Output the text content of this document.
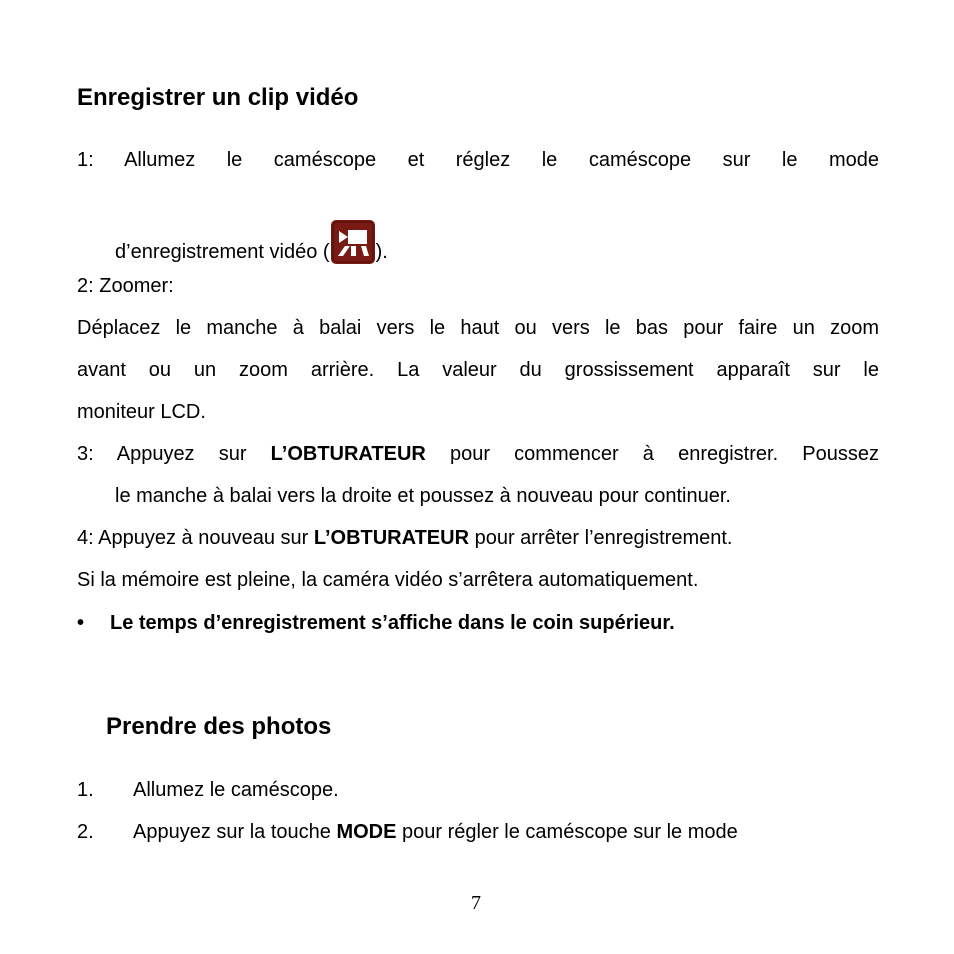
Enregistrer un clip vidéo
1: Allumez le caméscope et réglez le caméscope sur le mode
d’enregistrement vidéo ( ).
2: Zoomer:
Déplacez le manche à balai vers le haut ou vers le bas pour faire un zoom
avant ou un zoom arrière. La valeur du grossissement apparaît sur le
moniteur LCD.
3: Appuyez sur L’OBTURATEUR pour commencer à enregistrer. Poussez
le manche à balai vers la droite et poussez à nouveau pour continuer.
4: Appuyez à nouveau sur L’OBTURATEUR pour arrêter l’enregistrement.
Si la mémoire est pleine, la caméra vidéo s’arrêtera automatiquement.
• Le temps d’enregistrement s’affiche dans le coin supérieur.
Prendre des photos
1. Allumez le caméscope.
2. Appuyez sur la touche MODE pour régler le caméscope sur le mode
7
